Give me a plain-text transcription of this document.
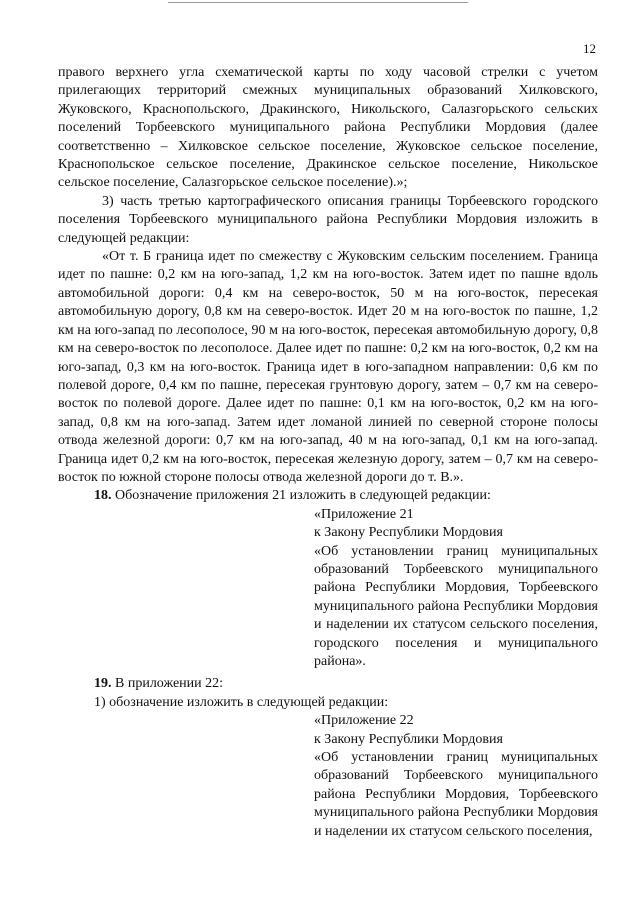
12

правого верхнего угла схематической карты по ходу часовой стрелки с учетом прилегающих территорий смежных муниципальных образований Хилковского, Жуковского, Краснопольского, Дракинского, Никольского, Салазгорьского сельских поселений Торбеевского муниципального района Республики Мордовия (далее соответственно – Хилковское сельское поселение, Жуковское сельское поселение, Краснопольское сельское поселение, Дракинское сельское поселение, Никольское сельское поселение, Салазгорьское сельское поселение).»;

3) часть третью картографического описания границы Торбеевского городского поселения Торбеевского муниципального района Республики Мордовия изложить в следующей редакции:

«От т. Б граница идет по смежеству с Жуковским сельским поселением. Граница идет по пашне: 0,2 км на юго-запад, 1,2 км на юго-восток. Затем идет по пашне вдоль автомобильной дороги: 0,4 км на северо-восток, 50 м на юго-восток, пересекая автомобильную дорогу, 0,8 км на северо-восток. Идет 20 м на юго-восток по пашне, 1,2 км на юго-запад по лесополосе, 90 м на юго-восток, пересекая автомобильную дорогу, 0,8 км на северо-восток по лесополосе. Далее идет по пашне: 0,2 км на юго-восток, 0,2 км на юго-запад, 0,3 км на юго-восток. Граница идет в юго-западном направлении: 0,6 км по полевой дороге, 0,4 км по пашне, пересекая грунтовую дорогу, затем – 0,7 км на северо-восток по полевой дороге. Далее идет по пашне: 0,1 км на юго-восток, 0,2 км на юго-запад, 0,8 км на юго-запад. Затем идет ломаной линией по северной стороне полосы отвода железной дороги: 0,7 км на юго-запад, 40 м на юго-запад, 0,1 км на юго-запад. Граница идет 0,2 км на юго-восток, пересекая железную дорогу, затем – 0,7 км на северо-восток по южной стороне полосы отвода железной дороги до т. В.».

18. Обозначение приложения 21 изложить в следующей редакции:

«Приложение 21

к Закону Республики Мордовия

«Об установлении границ муниципальных образований Торбеевского муниципального района Республики Мордовия, Торбеевского муниципального района Республики Мордовия и наделении их статусом сельского поселения, городского поселения и муниципального района».

19. В приложении 22:

1) обозначение изложить в следующей редакции:

«Приложение 22

к Закону Республики Мордовия

«Об установлении границ муниципальных образований Торбеевского муниципального района Республики Мордовия, Торбеевского муниципального района Республики Мордовия и наделении их статусом сельского поселения,
